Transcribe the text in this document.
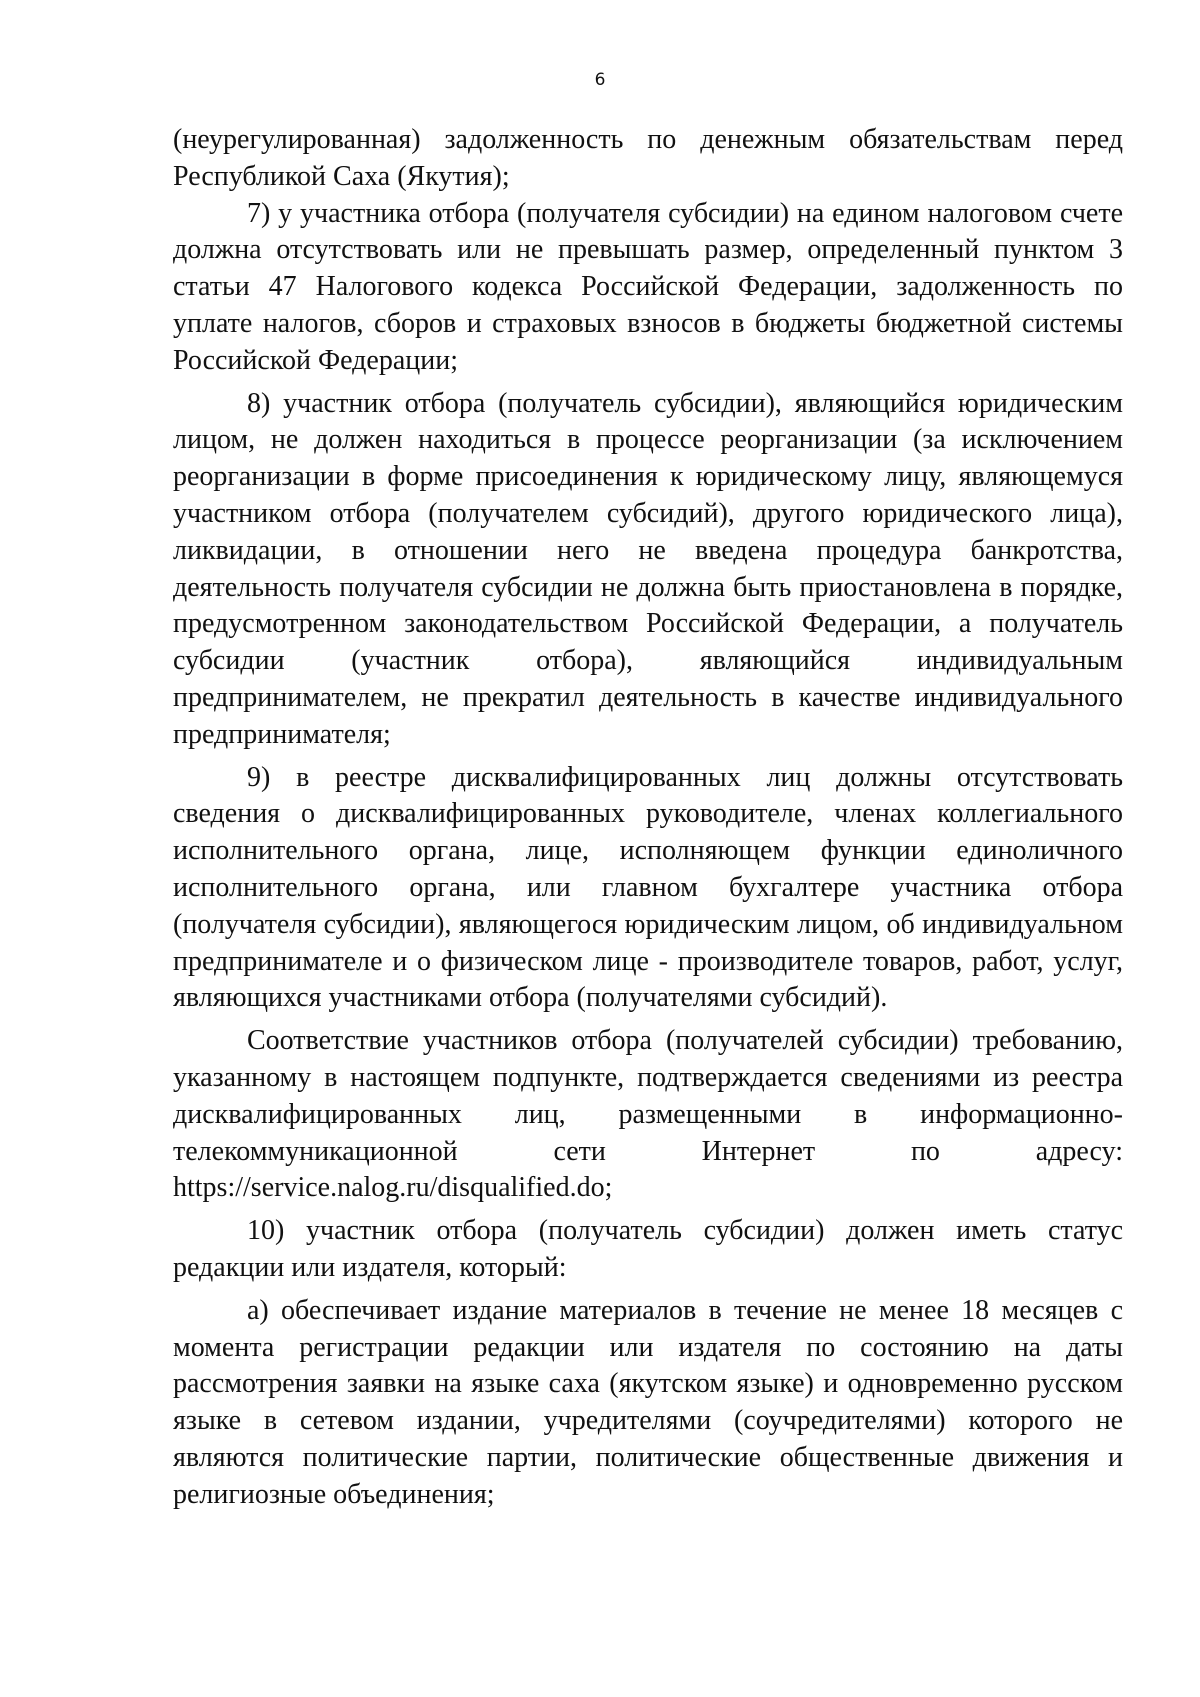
6

(неурегулированная) задолженность по денежным обязательствам перед Республикой Саха (Якутия);

7) у участника отбора (получателя субсидии) на едином налоговом счете должна отсутствовать или не превышать размер, определенный пунктом 3 статьи 47 Налогового кодекса Российской Федерации, задолженность по уплате налогов, сборов и страховых взносов в бюджеты бюджетной системы Российской Федерации;

8) участник отбора (получатель субсидии), являющийся юридическим лицом, не должен находиться в процессе реорганизации (за исключением реорганизации в форме присоединения к юридическому лицу, являющемуся участником отбора (получателем субсидий), другого юридического лица), ликвидации, в отношении него не введена процедура банкротства, деятельность получателя субсидии не должна быть приостановлена в порядке, предусмотренном законодательством Российской Федерации, а получатель субсидии (участник отбора), являющийся индивидуальным предпринимателем, не прекратил деятельность в качестве индивидуального предпринимателя;

9) в реестре дисквалифицированных лиц должны отсутствовать сведения о дисквалифицированных руководителе, членах коллегиального исполнительного органа, лице, исполняющем функции единоличного исполнительного органа, или главном бухгалтере участника отбора (получателя субсидии), являющегося юридическим лицом, об индивидуальном предпринимателе и о физическом лице - производителе товаров, работ, услуг, являющихся участниками отбора (получателями субсидий).

Соответствие участников отбора (получателей субсидии) требованию, указанному в настоящем подпункте, подтверждается сведениями из реестра дисквалифицированных лиц, размещенными в информационно-телекоммуникационной сети Интернет по адресу: https://service.nalog.ru/disqualified.do;

10) участник отбора (получатель субсидии) должен иметь статус редакции или издателя, который:

а) обеспечивает издание материалов в течение не менее 18 месяцев с момента регистрации редакции или издателя по состоянию на даты рассмотрения заявки на языке саха (якутском языке) и одновременно русском языке в сетевом издании, учредителями (соучредителями) которого не являются политические партии, политические общественные движения и религиозные объединения;
